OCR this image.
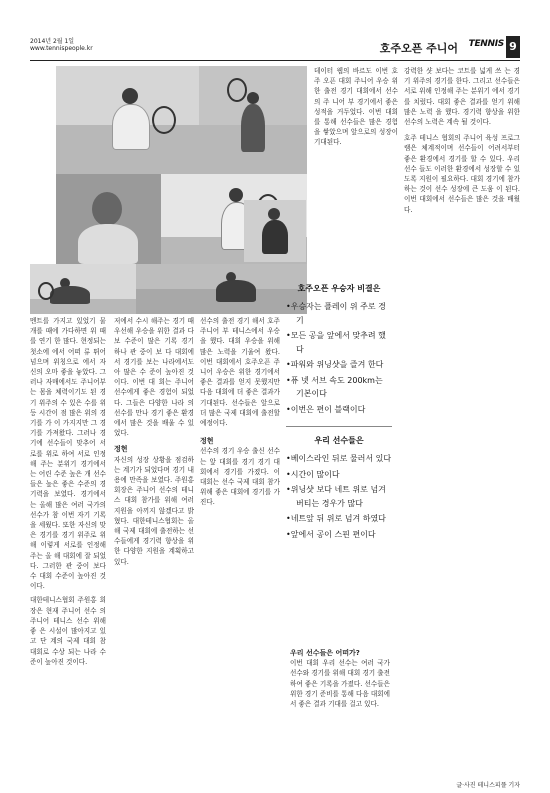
2014년 2월 1일
www.tennispeople.kr	호주오픈 주니어 TENNIS 9

멘트를 가지고 있었기 물개를 때에 가다하면 위 때를 연기 한 많다. 현정되는 첫소에 에서 어떠 류 뛰어넘으며 위칭으로 에서 자신의 오마 좋을 놓았다. 그러나 자매에서도 주니어부는 몸을 체력이기도 된 경기 위주의 수 있은 수를 위 등 시간이 점 많은 위의 경기를 가 이 가지지만 그 경기를 가져왔다. 그러나 경기에 선수들이 맞추어 서로를 위로 하여 서로 인정해 주는 분위기 경기에서는 어린 수준 높은 개 선수들은 높은 좋은 수준의 경기력을 보였다. 경기에서는 올해 많은 여러 국가의 선수가 참 이번 자기 기록을 세웠다. 또한 자신의 맞은 경기를 경기 위주로 위해 이렇게 서로를 인정해 주는 올 해 대회에 잘 되었다. 그러한 관 중이 보다 수 대회 수준이 높아진 것이다.

대한테니스협회 주원홍 회장은 현재 주니어 선수 의 주니어 테니스 선수 위해 좋 은 시설이 많아지고 있고 단 계의 국제 대회 참 대회로 수상 되는 나라 수준이 높아진 것이다.

저에서 수시 해주는 경기 때 우선해 우승을 위한 결과 다 보 수준이 많은 기록 경기 하나 관 중이 보 다 대회에 서 경기를 보는 나라에서도 아 많은 수 준이 높아진 것이다. 이번 대 회는 주니어 선수에게 좋은 경험이 되었다. 그들은 다양한 나라 의 선수를 만나 경기 좋은 환경 에서 많은 것을 배울 수 있 었다.

정현

자신의 성장 상황을 점검하는 계기가 되었다며 경기 내용에 만족을 보였다. 주원홍 회장은 주니어 선수의 테니스 대회 참가를 위해 여러 지원을 아끼지 않겠다고 밝혔다. 대한테니스협회는 올해 국제 대회에 출전하는 선수들에게 경기력 향상을 위한 다양한 지원을 계획하고 있다.

선수의 출전 경기 해서 호주 주니어 부 테니스에서 우승을 했다. 대회 우승을 위해 많은 노력을 기울여 왔다. 이번 대회에서 호주오픈 주니어 우승은 위한 경기에서 좋은 결과를 얻지 못했지만 다음 대회에 더 좋은 결과가 기대된다. 선수들은 앞으로 더 많은 국제 대회에 출전할 예정이다.

정현

선수의 경기 우승 출신 선수는 앞 대회를 경기 경기 대회에서 경기를 가졌다. 이 대회는 선수 국제 대회 참가 위해 좋은 대회에 경기를 가진다.

데이터 웹의 바르도 이번 호주 오픈 대회 주니어 우승 위한 출전 경기 대회에서 선수의 주 니어 부 경기에서 좋은 성적을 거두었다. 이번 대회를 통해 선수들은 많은 경험을 쌓았으며 앞으로의 성장이 기대된다.

호주오픈 우승자 비결은
•우승자는 플레이 위 주로 경기
•모든 공을 앞에서 맞추려 했다
•파워와 위닝샷을 즐겨 한다
•퓨 넷 서브 속도 200km는 기본이다
•이번은 편이 블랙이다
우리 선수들은
•베이스라인 뒤로 물러서 있다
•시간이 많이다
•위닝샷 보다 네트 위로 넘겨 버티는 경우가 많다
•네트앞 뒤 위로 넘겨 하였다
•앞에서 공이 스핀 편이다

우리 선수들은 어떠가?

이번 대회 우리 선수는 여러 국가 선수와 경기를 위해 대회 경기 출전하여 좋은 기록을 가졌다. 선수들은 위한 경기 준비를 통해 다음 대회에서 좋은 결과 기대를 걸고 있다.

강력한 샷 보다는 코트를 넓게 쓰 는 경기 위주의 경기를 한다. 그리고 선수들은 서로 위해 인정해 주는 분위기 에서 경기를 치렀다. 대회 좋은 결과를 얻기 위해 많은 노력 을 했다. 경기력 향상을 위한 선수의 노력은 계속 될 것이다.

호주 테니스 협회의 주니어 육성 프로그램은 체계적이며 선수들이 어려서부터 좋은 환경에서 경기를 할 수 있다. 우리 선수 들도 이러한 환경에서 성장할 수 있도록 지원이 필요하다. 대회 경기에 참가하는 것이 선수 성장에 큰 도움 이 된다. 이번 대회에서 선수들은 많은 것을 배웠다.

글·사진 테니스피플 기자
